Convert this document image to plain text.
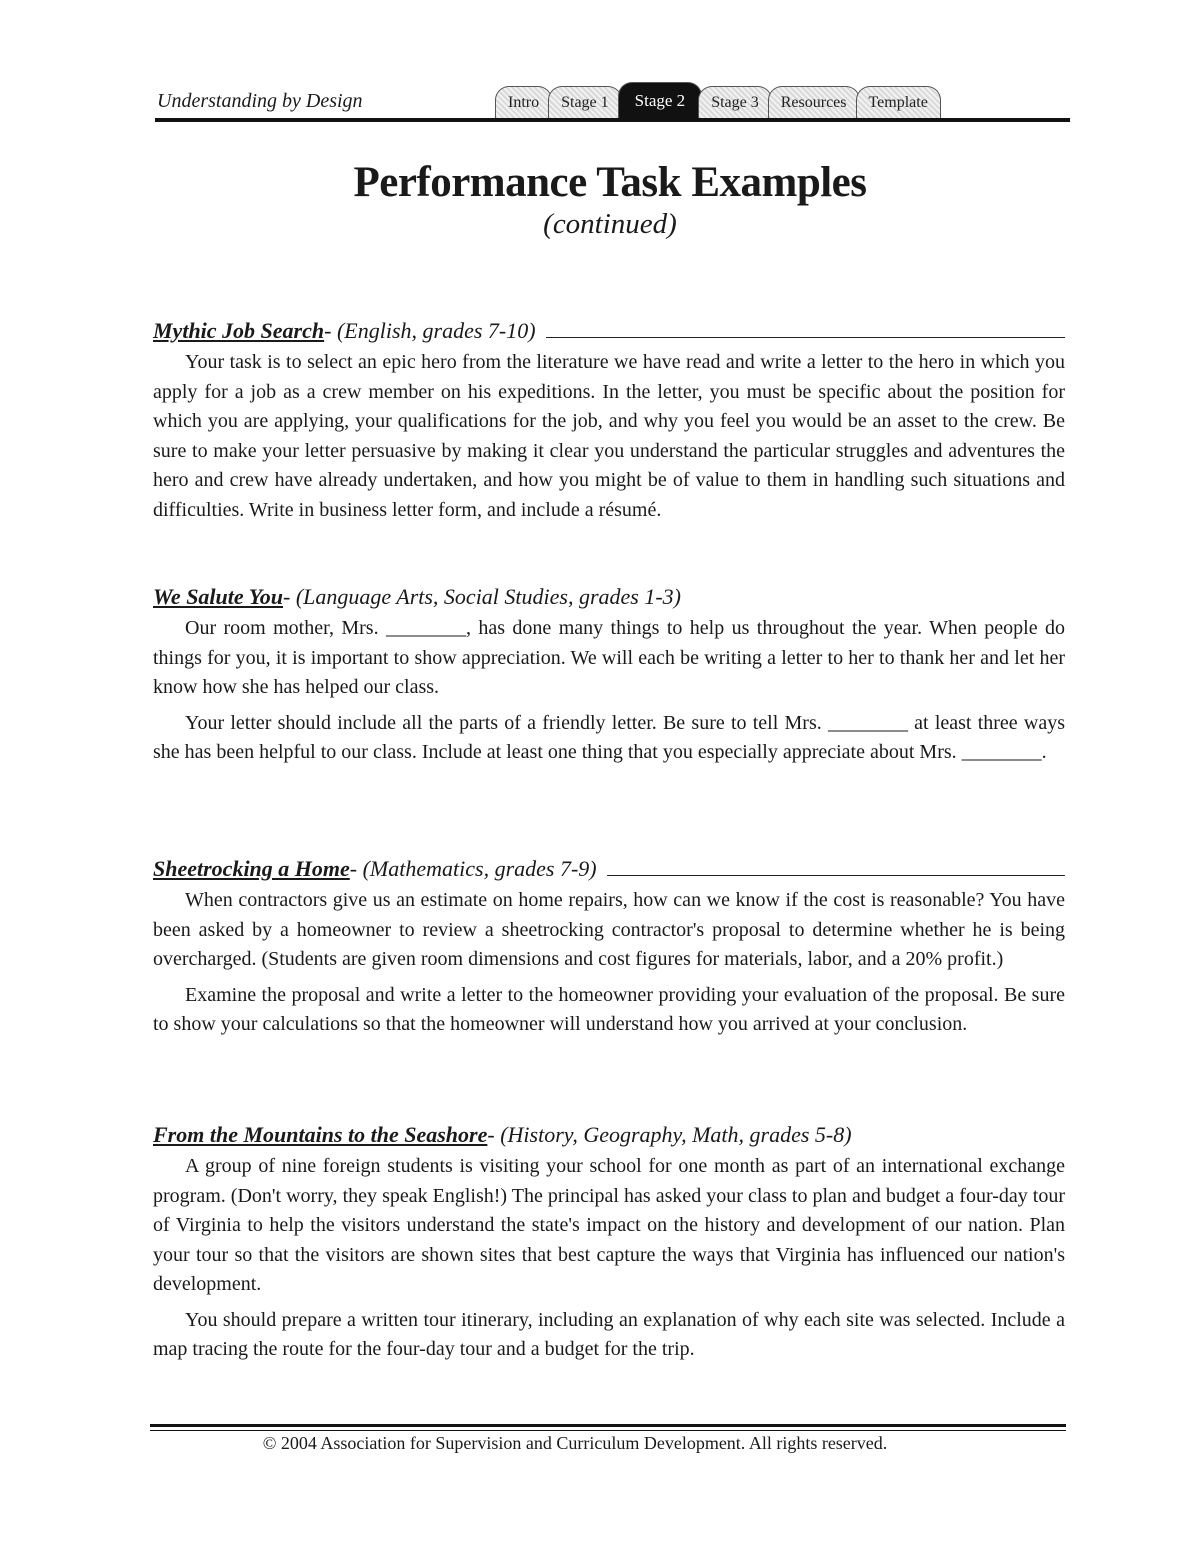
Understanding by Design	Intro	Stage 1	Stage 2	Stage 3	Resources	Template
Performance Task Examples
(continued)
Mythic Job Search - (English, grades 7-10)

Your task is to select an epic hero from the literature we have read and write a letter to the hero in which you apply for a job as a crew member on his expeditions. In the letter, you must be specific about the position for which you are applying, your qualifications for the job, and why you feel you would be an asset to the crew. Be sure to make your letter persuasive by making it clear you understand the particular struggles and adventures the hero and crew have already undertaken, and how you might be of value to them in handling such situations and difficulties. Write in business letter form, and include a résumé.

We Salute You - (Language Arts, Social Studies, grades 1-3)

Our room mother, Mrs. ________, has done many things to help us throughout the year. When people do things for you, it is important to show appreciation. We will each be writing a letter to her to thank her and let her know how she has helped our class.

Your letter should include all the parts of a friendly letter. Be sure to tell Mrs. ________ at least three ways she has been helpful to our class. Include at least one thing that you especially appreciate about Mrs. ________.

Sheetrocking a Home - (Mathematics, grades 7-9)

When contractors give us an estimate on home repairs, how can we know if the cost is reasonable? You have been asked by a homeowner to review a sheetrocking contractor's proposal to determine whether he is being overcharged. (Students are given room dimensions and cost figures for materials, labor, and a 20% profit.)

Examine the proposal and write a letter to the homeowner providing your evaluation of the proposal. Be sure to show your calculations so that the homeowner will understand how you arrived at your conclusion.

From the Mountains to the Seashore - (History, Geography, Math, grades 5-8)

A group of nine foreign students is visiting your school for one month as part of an international exchange program. (Don't worry, they speak English!) The principal has asked your class to plan and budget a four-day tour of Virginia to help the visitors understand the state's impact on the history and development of our nation. Plan your tour so that the visitors are shown sites that best capture the ways that Virginia has influenced our nation's development.

You should prepare a written tour itinerary, including an explanation of why each site was selected. Include a map tracing the route for the four-day tour and a budget for the trip.

© 2004 Association for Supervision and Curriculum Development. All rights reserved.
